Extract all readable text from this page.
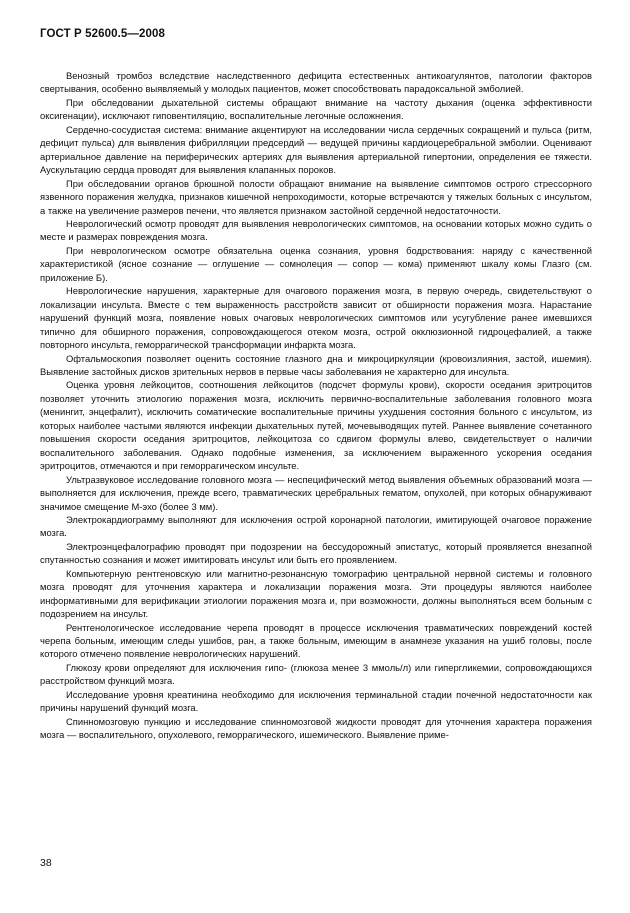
ГОСТ Р 52600.5—2008

Венозный тромбоз вследствие наследственного дефицита естественных антикоагулянтов, патологии факторов свертывания, особенно выявляемый у молодых пациентов, может способствовать парадоксальной эмболией.

При обследовании дыхательной системы обращают внимание на частоту дыхания (оценка эффективности оксигенации), исключают гиповентиляцию, воспалительные легочные осложнения.

Сердечно-сосудистая система: внимание акцентируют на исследовании числа сердечных сокращений и пульса (ритм, дефицит пульса) для выявления фибрилляции предсердий — ведущей причины кардиоцеребральной эмболии. Оценивают артериальное давление на периферических артериях для выявления артериальной гипертонии, определения ее тяжести. Аускультацию сердца проводят для выявления клапанных пороков.

При обследовании органов брюшной полости обращают внимание на выявление симптомов острого стрессорного язвенного поражения желудка, признаков кишечной непроходимости, которые встречаются у тяжелых больных с инсультом, а также на увеличение размеров печени, что является признаком застойной сердечной недостаточности.

Неврологический осмотр проводят для выявления неврологических симптомов, на основании которых можно судить о месте и размерах повреждения мозга.

При неврологическом осмотре обязательна оценка сознания, уровня бодрствования: наряду с качественной характеристикой (ясное сознание — оглушение — сомнолеция — сопор — кома) применяют шкалу комы Глазго (см. приложение Б).

Неврологические нарушения, характерные для очагового поражения мозга, в первую очередь, свидетельствуют о локализации инсульта. Вместе с тем выраженность расстройств зависит от обширности поражения мозга. Нарастание нарушений функций мозга, появление новых очаговых неврологических симптомов или усугубление ранее имевшихся типично для обширного поражения, сопровождающегося отеком мозга, острой окклюзионной гидроцефалией, а также повторного инсульта, геморрагической трансформации инфаркта мозга.

Офтальмоскопия позволяет оценить состояние глазного дна и микроциркуляции (кровоизлияния, застой, ишемия). Выявление застойных дисков зрительных нервов в первые часы заболевания не характерно для инсульта.

Оценка уровня лейкоцитов, соотношения лейкоцитов (подсчет формулы крови), скорости оседания эритроцитов позволяет уточнить этиологию поражения мозга, исключить первично-воспалительные заболевания головного мозга (менингит, энцефалит), исключить соматические воспалительные причины ухудшения состояния больного с инсультом, из которых наиболее частыми являются инфекции дыхательных путей, мочевыводящих путей. Раннее выявление сочетанного повышения скорости оседания эритроцитов, лейкоцитоза со сдвигом формулы влево, свидетельствует о наличии воспалительного заболевания. Однако подобные изменения, за исключением выраженного ускорения оседания эритроцитов, отмечаются и при геморрагическом инсульте.

Ультразвуковое исследование головного мозга — неспецифический метод выявления объемных образований мозга — выполняется для исключения, прежде всего, травматических церебральных гематом, опухолей, при которых обнаруживают значимое смещение М-эхо (более 3 мм).

Электрокардиограмму выполняют для исключения острой коронарной патологии, имитирующей очаговое поражение мозга.

Электроэнцефалографию проводят при подозрении на бессудорожный эпистатус, который проявляется внезапной спутанностью сознания и может имитировать инсульт или быть его проявлением.

Компьютерную рентгеновскую или магнитно-резонансную томографию центральной нервной системы и головного мозга проводят для уточнения характера и локализации поражения мозга. Эти процедуры являются наиболее информативными для верификации этиологии поражения мозга и, при возможности, должны выполняться всем больным с подозрением на инсульт.

Рентгенологическое исследование черепа проводят в процессе исключения травматических повреждений костей черепа больным, имеющим следы ушибов, ран, а также больным, имеющим в анамнезе указания на ушиб головы, после которого отмечено появление неврологических нарушений.

Глюкозу крови определяют для исключения гипо- (глюкоза менее 3 ммоль/л) или гипергликемии, сопровождающихся расстройством функций мозга.

Исследование уровня креатинина необходимо для исключения терминальной стадии почечной недостаточности как причины нарушений функций мозга.

Спинномозговую пункцию и исследование спинномозговой жидкости проводят для уточнения характера поражения мозга — воспалительного, опухолевого, геморрагического, ишемического. Выявление приме-

38
